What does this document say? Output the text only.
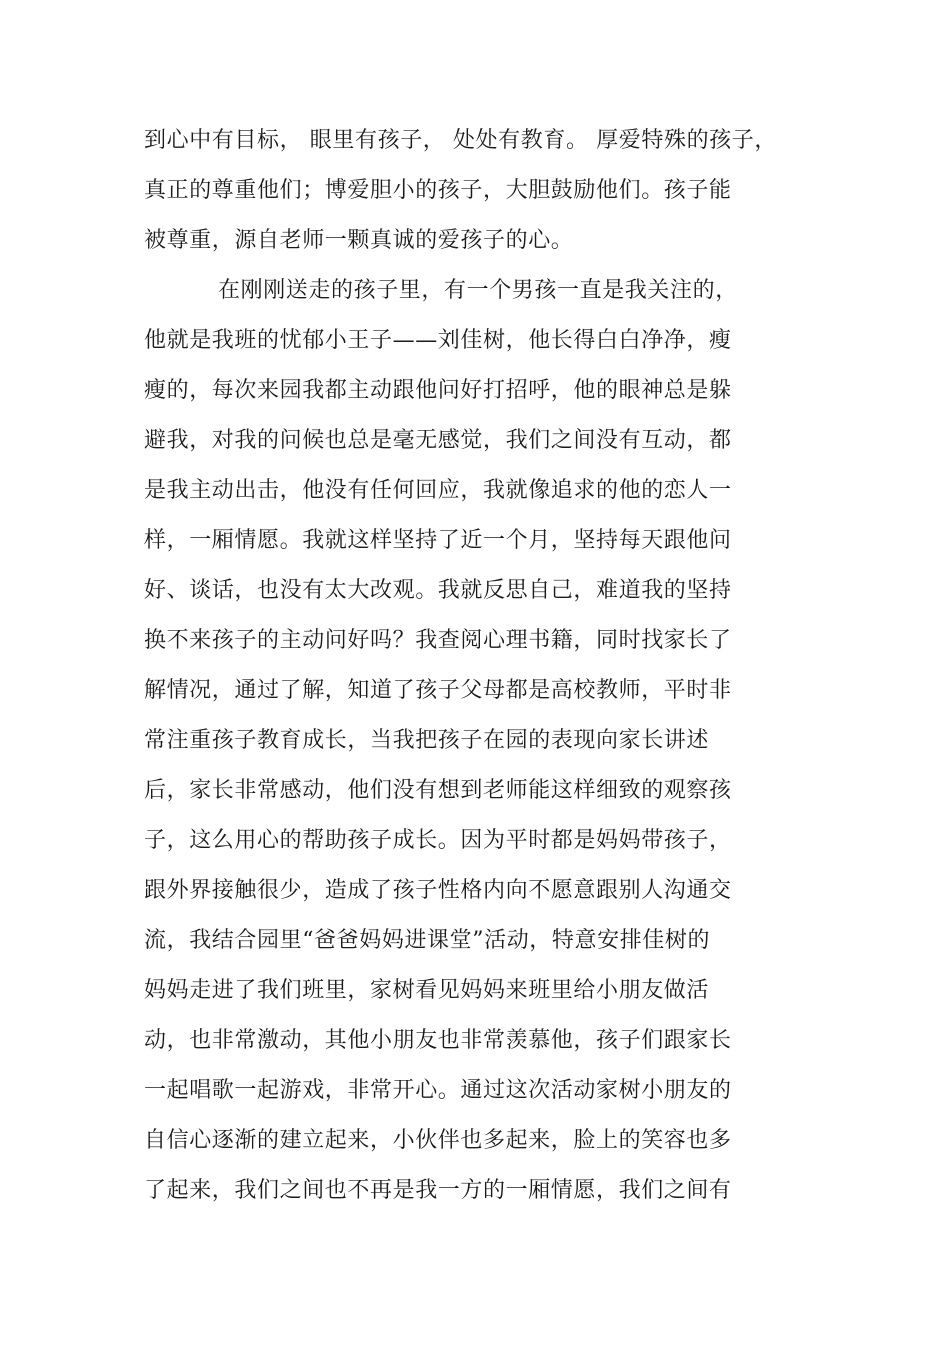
到心中有目标， 眼里有孩子， 处处有教育。 厚爱特殊的孩子，
真正的尊重他们；博爱胆小的孩子，大胆鼓励他们。孩子能
被尊重，源自老师一颗真诚的爱孩子的心。
在刚刚送走的孩子里，有一个男孩一直是我关注的，
他就是我班的忧郁小王子——刘佳树，他长得白白净净，瘦
瘦的，每次来园我都主动跟他问好打招呼，他的眼神总是躲
避我，对我的问候也总是毫无感觉，我们之间没有互动，都
是我主动出击，他没有任何回应，我就像追求的他的恋人一
样，一厢情愿。我就这样坚持了近一个月，坚持每天跟他问
好、谈话，也没有太大改观。我就反思自己，难道我的坚持
换不来孩子的主动问好吗？我查阅心理书籍，同时找家长了
解情况，通过了解，知道了孩子父母都是高校教师，平时非
常注重孩子教育成长，当我把孩子在园的表现向家长讲述
后，家长非常感动，他们没有想到老师能这样细致的观察孩
子，这么用心的帮助孩子成长。因为平时都是妈妈带孩子，
跟外界接触很少，造成了孩子性格内向不愿意跟别人沟通交
流，我结合园里“爸爸妈妈进课堂”活动，特意安排佳树的
妈妈走进了我们班里，家树看见妈妈来班里给小朋友做活
动，也非常激动，其他小朋友也非常羡慕他，孩子们跟家长
一起唱歌一起游戏，非常开心。通过这次活动家树小朋友的
自信心逐渐的建立起来，小伙伴也多起来，脸上的笑容也多
了起来，我们之间也不再是我一方的一厢情愿，我们之间有
